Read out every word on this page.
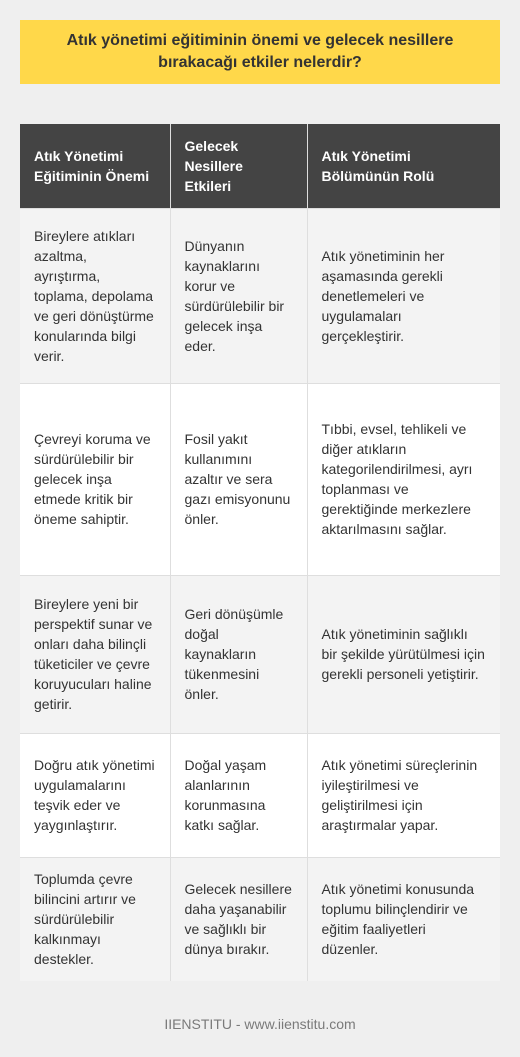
Atık yönetimi eğitiminin önemi ve gelecek nesillere bırakacağı etkiler nelerdir?
Atık Yönetimi Eğitiminin Önemi	Gelecek Nesillere Etkileri	Atık Yönetimi Bölümünün Rolü
Bireylere atıkları azaltma, ayrıştırma, toplama, depolama ve geri dönüştürme konularında bilgi verir.	Dünyanın kaynaklarını korur ve sürdürülebilir bir gelecek inşa eder.	Atık yönetiminin her aşamasında gerekli denetlemeleri ve uygulamaları gerçekleştirir.
Çevreyi koruma ve sürdürülebilir bir gelecek inşa etmede kritik bir öneme sahiptir.	Fosil yakıt kullanımını azaltır ve sera gazı emisyonunu önler.	Tıbbi, evsel, tehlikeli ve diğer atıkların kategorilendirilmesi, ayrı toplanması ve gerektiğinde merkezlere aktarılmasını sağlar.
Bireylere yeni bir perspektif sunar ve onları daha bilinçli tüketiciler ve çevre koruyucuları haline getirir.	Geri dönüşümle doğal kaynakların tükenmesini önler.	Atık yönetiminin sağlıklı bir şekilde yürütülmesi için gerekli personeli yetiştirir.
Doğru atık yönetimi uygulamalarını teşvik eder ve yaygınlaştırır.	Doğal yaşam alanlarının korunmasına katkı sağlar.	Atık yönetimi süreçlerinin iyileştirilmesi ve geliştirilmesi için araştırmalar yapar.
Toplumda çevre bilincini artırır ve sürdürülebilir kalkınmayı destekler.	Gelecek nesillere daha yaşanabilir ve sağlıklı bir dünya bırakır.	Atık yönetimi konusunda toplumu bilinçlendirir ve eğitim faaliyetleri düzenler.
IIENSTITU - www.iienstitu.com
